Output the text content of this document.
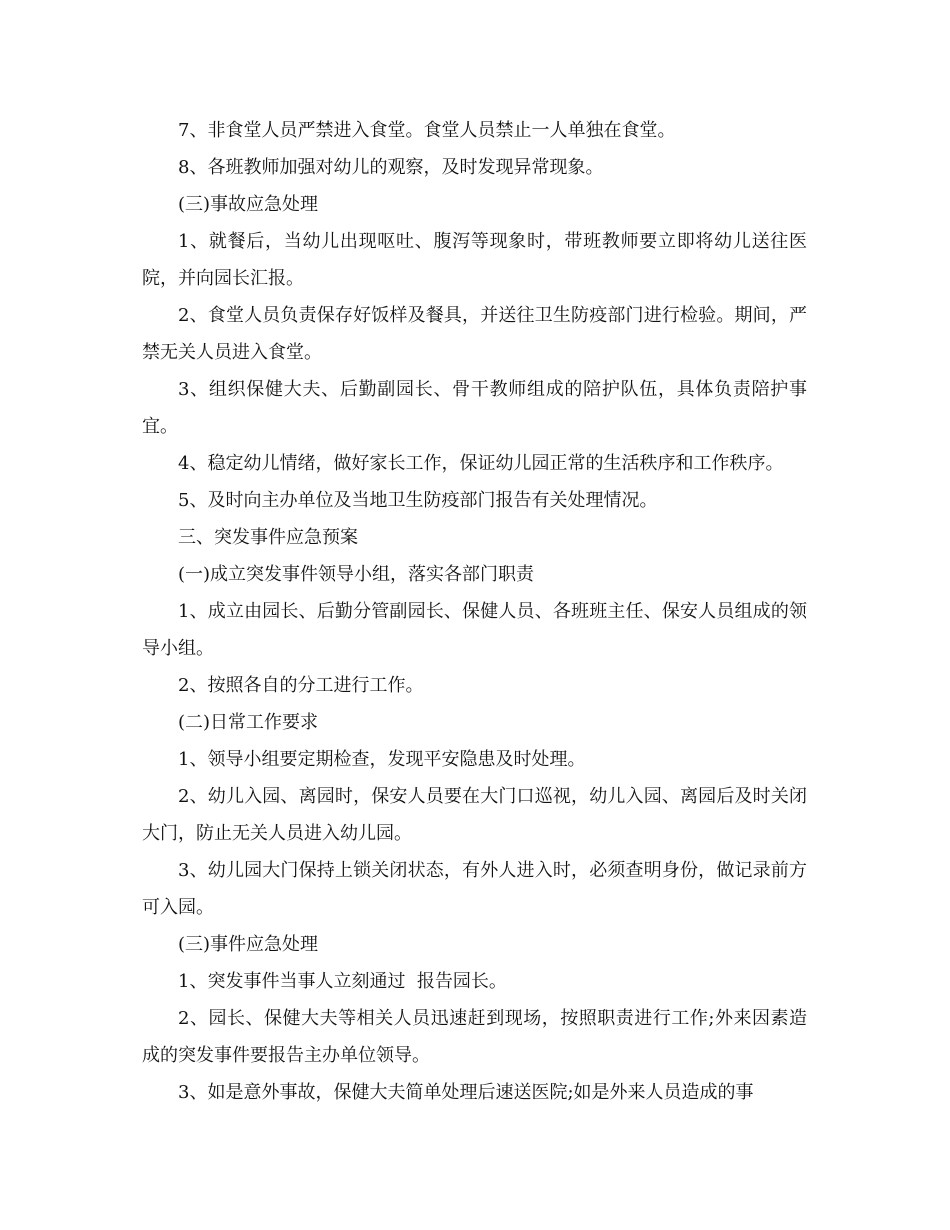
7、非食堂人员严禁进入食堂。食堂人员禁止一人单独在食堂。

8、各班教师加强对幼儿的观察，及时发现异常现象。

(三)事故应急处理

1、就餐后，当幼儿出现呕吐、腹泻等现象时，带班教师要立即将幼儿送往医院，并向园长汇报。

2、食堂人员负责保存好饭样及餐具，并送往卫生防疫部门进行检验。期间，严禁无关人员进入食堂。

3、组织保健大夫、后勤副园长、骨干教师组成的陪护队伍，具体负责陪护事宜。

4、稳定幼儿情绪，做好家长工作，保证幼儿园正常的生活秩序和工作秩序。

5、及时向主办单位及当地卫生防疫部门报告有关处理情况。

三、突发事件应急预案

(一)成立突发事件领导小组，落实各部门职责

1、成立由园长、后勤分管副园长、保健人员、各班班主任、保安人员组成的领导小组。

2、按照各自的分工进行工作。

(二)日常工作要求

1、领导小组要定期检查，发现平安隐患及时处理。

2、幼儿入园、离园时，保安人员要在大门口巡视，幼儿入园、离园后及时关闭大门，防止无关人员进入幼儿园。

3、幼儿园大门保持上锁关闭状态，有外人进入时，必须查明身份，做记录前方可入园。

(三)事件应急处理

1、突发事件当事人立刻通过  报告园长。

2、园长、保健大夫等相关人员迅速赶到现场，按照职责进行工作;外来因素造成的突发事件要报告主办单位领导。

3、如是意外事故，保健大夫简单处理后速送医院;如是外来人员造成的事
